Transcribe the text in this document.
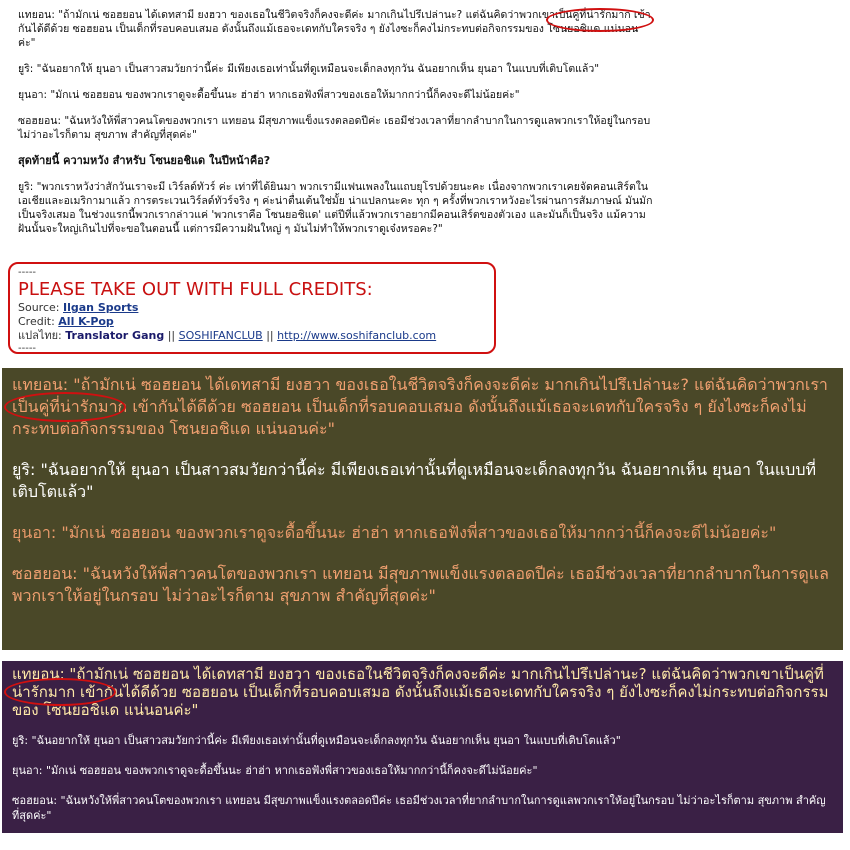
แทยอน: "ถ้ามักเน่ ซอฮยอน ได้เดทสามี ยงฮวา ของเธอในชีวิตจริงก็คงจะดีค่ะ มากเกินไปรึเปล่านะ? แต่ฉันคิดว่าพวกเขาเป็นคู่ที่น่ารักมาก เข้ากันได้ดีด้วย ซอฮยอน เป็นเด็กที่รอบคอบเสมอ ดังนั้นถึงแม้เธอจะเดทกับใครจริง ๆ ยังไงซะก็คงไม่กระทบต่อกิจกรรมของ โซนยอชิแด แน่นอนค่ะ"

ยูริ: "ฉันอยากให้ ยุนอา เป็นสาวสมวัยกว่านี้ค่ะ มีเพียงเธอเท่านั้นที่ดูเหมือนจะเด็กลงทุกวัน ฉันอยากเห็น ยุนอา ในแบบที่เติบโตแล้ว"

ยุนอา: "มักเน่ ซอฮยอน ของพวกเราดูจะดื้อขึ้นนะ ฮ่าฮ่า หากเธอฟังพี่สาวของเธอให้มากกว่านี้ก็คงจะดีไม่น้อยค่ะ"

ซอฮยอน: "ฉันหวังให้พี่สาวคนโตของพวกเรา แทยอน มีสุขภาพแข็งแรงตลอดปีค่ะ เธอมีช่วงเวลาที่ยากลำบากในการดูแลพวกเราให้อยู่ในกรอบ ไม่ว่าอะไรก็ตาม สุขภาพ สำคัญที่สุดค่ะ"

สุดท้ายนี้ ความหวัง สำหรับ โซนยอชิแด ในปีหน้าคือ?

ยูริ: "พวกเราหวังว่าสักวันเราจะมี เวิร์ลด์ทัวร์ ค่ะ เท่าที่ได้ยินมา พวกเรามีแฟนเพลงในแถบยุโรปด้วยนะคะ เนื่องจากพวกเราเคยจัดคอนเสิร์ตในเอเชียและอเมริกามาแล้ว การตระเวนเวิร์ลด์ทัวร์จริง ๆ ค่ะน่าตื่นเต้นใช่มั้ย น่าแปลกนะคะ ทุก ๆ ครั้งที่พวกเราหวังอะไรผ่านการสัมภาษณ์ มันมักเป็นจริงเสมอ ในช่วงแรกนี้พวกเรากล่าวแค่ 'พวกเราคือ โซนยอชิแด' แต่ปีที่แล้วพวกเราอยากมีคอนเสิร์ตของตัวเอง และมันก็เป็นจริง แม้ความฝันนั้นจะใหญ่เกินไปที่จะขอในตอนนี้ แต่การมีความฝันใหญ่ ๆ มันไม่ทำให้พวกเราดูเจ๋งหรอคะ?"

-----
PLEASE TAKE OUT WITH FULL CREDITS:
Source: Ilgan Sports
Credit: All K-Pop
แปลไทย: Translator Gang || SOSHIFANCLUB || http://www.soshifanclub.com
-----

แทยอน: "ถ้ามักเน่ ซอฮยอน ได้เดทสามี ยงฮวา ของเธอในชีวิตจริงก็คงจะดีค่ะ มากเกินไปรึเปล่านะ? แต่ฉันคิดว่าพวกเราเป็นคู่ที่น่ารักมาก เข้ากันได้ดีด้วย ซอฮยอน เป็นเด็กที่รอบคอบเสมอ ดังนั้นถึงแม้เธอจะเดทกับใครจริง ๆ ยังไงซะก็คงไม่กระทบต่อกิจกรรมของ โซนยอชิแด แน่นอนค่ะ"

ยูริ: "ฉันอยากให้ ยุนอา เป็นสาวสมวัยกว่านี้ค่ะ มีเพียงเธอเท่านั้นที่ดูเหมือนจะเด็กลงทุกวัน ฉันอยากเห็น ยุนอา ในแบบที่เติบโตแล้ว"

ยุนอา: "มักเน่ ซอฮยอน ของพวกเราดูจะดื้อขึ้นนะ ฮ่าฮ่า หากเธอฟังพี่สาวของเธอให้มากกว่านี้ก็คงจะดีไม่น้อยค่ะ"

ซอฮยอน: "ฉันหวังให้พี่สาวคนโตของพวกเรา แทยอน มีสุขภาพแข็งแรงตลอดปีค่ะ เธอมีช่วงเวลาที่ยากลำบากในการดูแลพวกเราให้อยู่ในกรอบ ไม่ว่าอะไรก็ตาม สุขภาพ สำคัญที่สุดค่ะ"

แทยอน: "ถ้ามักเน่ ซอฮยอน ได้เดทสามี ยงฮวา ของเธอในชีวิตจริงก็คงจะดีค่ะ มากเกินไปรึเปล่านะ? แต่ฉันคิดว่าพวกเขาเป็นคู่ที่น่ารักมาก เข้ากันได้ดีด้วย ซอฮยอน เป็นเด็กที่รอบคอบเสมอ ดังนั้นถึงแม้เธอจะเดทกับใครจริง ๆ ยังไงซะก็คงไม่กระทบต่อกิจกรรมของ โซนยอชิแด แน่นอนค่ะ"

ยูริ: "ฉันอยากให้ ยุนอา เป็นสาวสมวัยกว่านี้ค่ะ มีเพียงเธอเท่านั้นที่ดูเหมือนจะเด็กลงทุกวัน ฉันอยากเห็น ยุนอา ในแบบที่เติบโตแล้ว"

ยุนอา: "มักเน่ ซอฮยอน ของพวกเราดูจะดื้อขึ้นนะ ฮ่าฮ่า หากเธอฟังพี่สาวของเธอให้มากกว่านี้ก็คงจะดีไม่น้อยค่ะ"

ซอฮยอน: "ฉันหวังให้พี่สาวคนโตของพวกเรา แทยอน มีสุขภาพแข็งแรงตลอดปีค่ะ เธอมีช่วงเวลาที่ยากลำบากในการดูแลพวกเราให้อยู่ในกรอบ ไม่ว่าอะไรก็ตาม สุขภาพ สำคัญที่สุดค่ะ"
